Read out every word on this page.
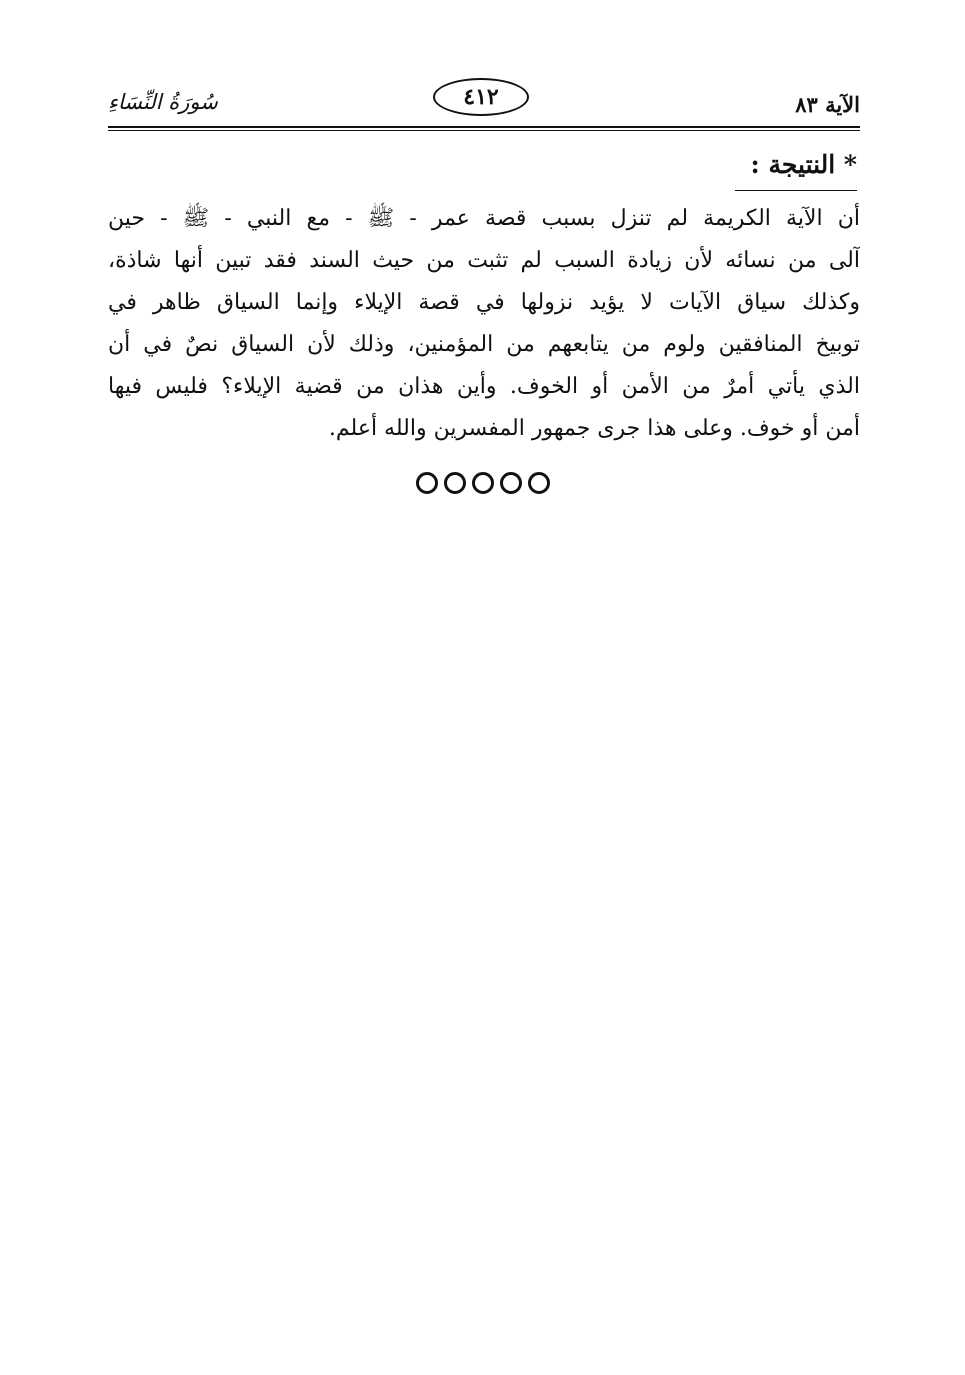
الآية ٨٣
٤١٢
سُورَةُ النِّسَاءِ
* النتيجة :
أن الآية الكريمة لم تنزل بسبب قصة عمر - ﷺ - مع النبي - ﷺ - حين
آلى من نسائه لأن زيادة السبب لم تثبت من حيث السند فقد تبين أنها شاذة،
وكذلك سياق الآيات لا يؤيد نزولها في قصة الإيلاء وإنما السياق ظاهر في
توبيخ المنافقين ولوم من يتابعهم من المؤمنين، وذلك لأن السياق نصٌ في أن
الذي يأتي أمرٌ من الأمن أو الخوف. وأين هذان من قضية الإيلاء؟ فليس فيها
أمن أو خوف. وعلى هذا جرى جمهور المفسرين والله أعلم.
